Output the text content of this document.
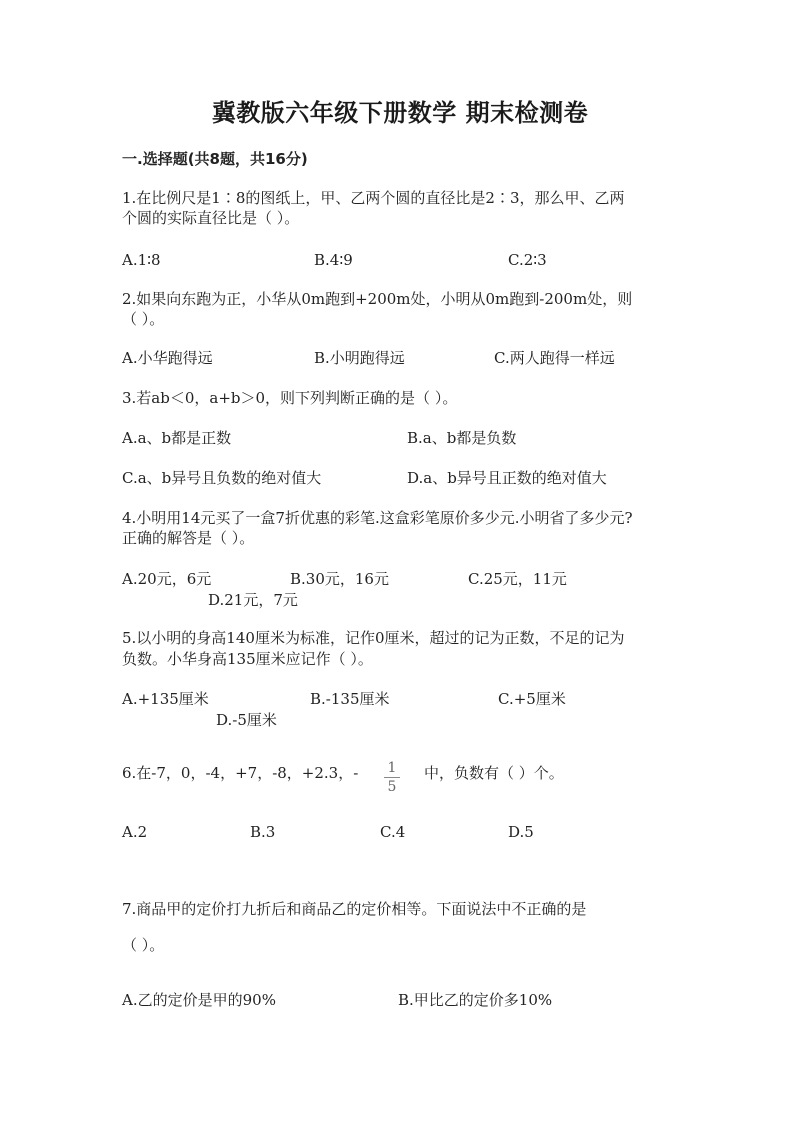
冀教版六年级下册数学 期末检测卷
一.选择题(共8题，共16分)
1.在比例尺是1∶8的图纸上，甲、乙两个圆的直径比是2∶3，那么甲、乙两
个圆的实际直径比是（ ）。
A.1∶8	B.4∶9	C.2∶3
2.如果向东跑为正，小华从0m跑到+200m处，小明从0m跑到-200m处，则
（ ）。
A.小华跑得远	B.小明跑得远	C.两人跑得一样远
3.若ab＜0，a+b＞0，则下列判断正确的是（ ）。
A.a、b都是正数	B.a、b都是负数
C.a、b异号且负数的绝对值大	D.a、b异号且正数的绝对值大
4.小明用14元买了一盒7折优惠的彩笔.这盒彩笔原价多少元.小明省了多少元?
正确的解答是（ ）。
A.20元，6元	B.30元，16元	C.25元，11元
D.21元，7元
5.以小明的身高140厘米为标准，记作0厘米，超过的记为正数，不足的记为
负数。小华身高135厘米应记作（ ）。
A.+135厘米	B.-135厘米	C.+5厘米
D.-5厘米
6.在-7，0，-4，+7，-8，+2.3，- 1
5
中，负数有（ ）个。
A.2	B.3	C.4	D.5
7.商品甲的定价打九折后和商品乙的定价相等。下面说法中不正确的是
（ ）。
A.乙的定价是甲的90%	B.甲比乙的定价多10%
